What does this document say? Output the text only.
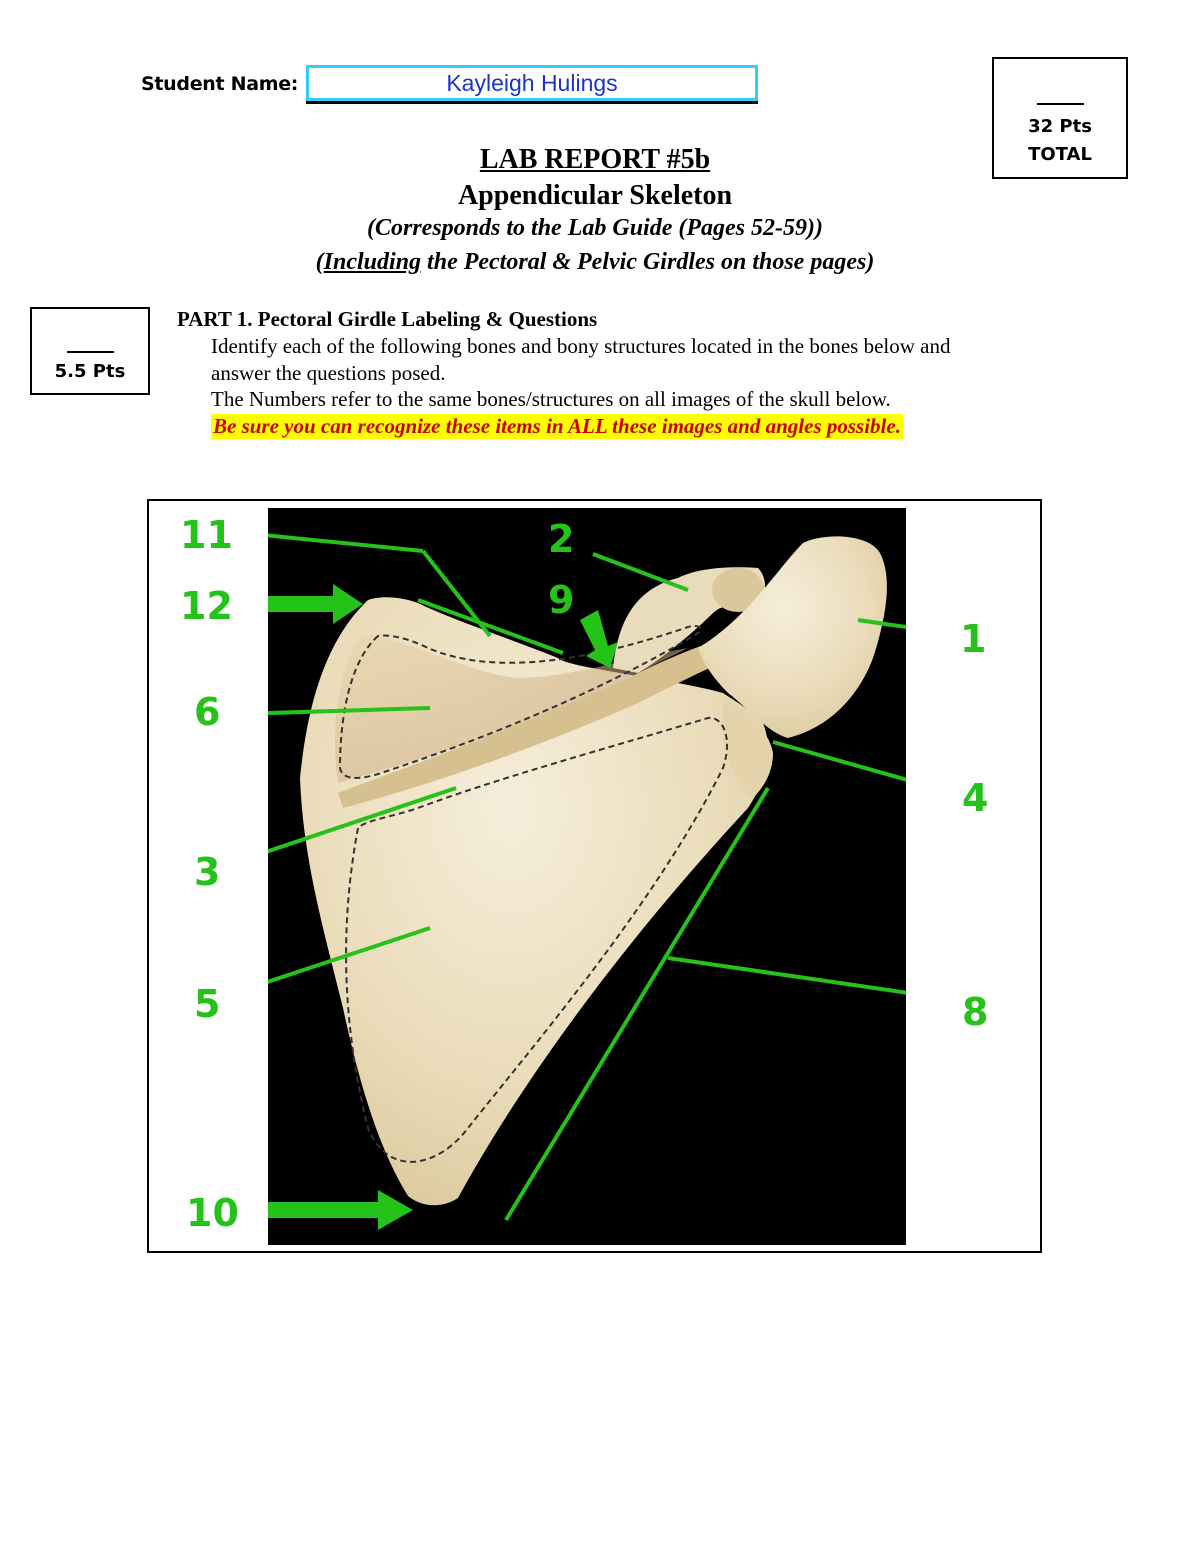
Student Name:	Kayleigh Hulings
32 Pts
TOTAL
LAB REPORT #5b
Appendicular Skeleton
(Corresponds to the Lab Guide (Pages 52-59))
(Including the Pectoral & Pelvic Girdles on those pages)
5.5 Pts
PART 1. Pectoral Girdle Labeling & Questions
Identify each of the following bones and bony structures located in the bones below and
answer the questions posed.
The Numbers refer to the same bones/structures on all images of the skull below.
Be sure you can recognize these items in ALL these images and angles possible.
11	2
12	9
1
6
4
3
8
5
10
